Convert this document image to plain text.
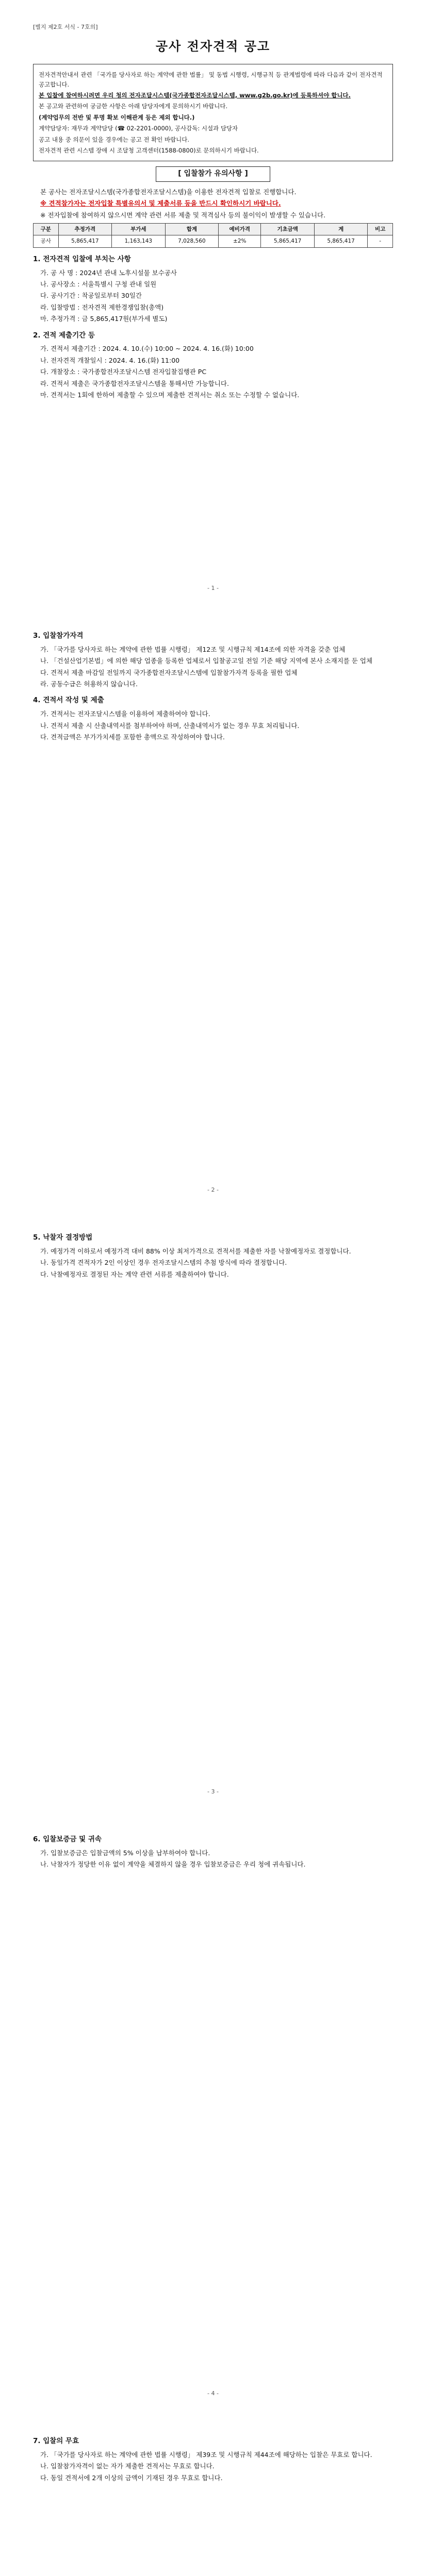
[별지 제2호 서식 - 7호의]
공사 전자견적 공고

전자견적안내서 관련 「국가를 당사자로 하는 계약에 관한 법률」 및 동법 시행령, 시행규칙 등 관계법령에 따라 다음과 같이 전자견적 공고합니다.

본 입찰에 참여하시려면 우리 청의 전자조달시스템(국가종합전자조달시스템, www.g2b.go.kr)에 등록하셔야 합니다.

본 공고와 관련하여 궁금한 사항은 아래 담당자에게 문의하시기 바랍니다.

(계약업무의 전반 및 투명 확보 이해관계 등은 제외 합니다.)

계약담당자: 재무과 계약담당 (☎ 02-2201-0000), 공사감독: 시설과 담당자

공고 내용 중 의문이 있을 경우에는 공고 전 확인 바랍니다.

전자견적 관련 시스템 장애 시 조달청 고객센터(1588-0800)로 문의하시기 바랍니다.

[ 입찰참가 유의사항 ]
본 공사는 전자조달시스템(국가종합전자조달시스템)을 이용한 전자견적 입찰로 진행합니다.
※ 견적참가자는 전자입찰 특별유의서 및 제출서류 등을 반드시 확인하시기 바랍니다.
※ 전자입찰에 참여하지 않으시면 계약 관련 서류 제출 및 적격심사 등의 불이익이 발생할 수 있습니다.
구분	추정가격	부가세	합계	예비가격	기초금액	계	비고
공사	5,865,417	1,163,143	7,028,560	±2%	5,865,417	5,865,417	-
1. 전자견적 입찰에 부치는 사항
가. 공 사 명 : 2024년 관내 노후시설물 보수공사
나. 공사장소 : 서울특별시 구청 관내 일원
다. 공사기간 : 착공일로부터 30일간
라. 입찰방법 : 전자견적 제한경쟁입찰(총액)
마. 추정가격 : 금 5,865,417원(부가세 별도)
2. 견적 제출기간 등
가. 견적서 제출기간 : 2024. 4. 10.(수) 10:00 ~ 2024. 4. 16.(화) 10:00
나. 전자견적 개찰일시 : 2024. 4. 16.(화) 11:00
다. 개찰장소 : 국가종합전자조달시스템 전자입찰집행관 PC
라. 견적서 제출은 국가종합전자조달시스템을 통해서만 가능합니다.
마. 견적서는 1회에 한하여 제출할 수 있으며 제출한 견적서는 취소 또는 수정할 수 없습니다.
- 1 -
3. 입찰참가자격
가. 「국가를 당사자로 하는 계약에 관한 법률 시행령」 제12조 및 시행규칙 제14조에 의한 자격을 갖춘 업체
나. 「건설산업기본법」에 의한 해당 업종을 등록한 업체로서 입찰공고일 전일 기준 해당 지역에 본사 소재지를 둔 업체
다. 견적서 제출 마감일 전일까지 국가종합전자조달시스템에 입찰참가자격 등록을 필한 업체
라. 공동수급은 허용하지 않습니다.
4. 견적서 작성 및 제출
가. 견적서는 전자조달시스템을 이용하여 제출하여야 합니다.
나. 견적서 제출 시 산출내역서를 첨부하여야 하며, 산출내역서가 없는 경우 무효 처리됩니다.
다. 견적금액은 부가가치세를 포함한 총액으로 작성하여야 합니다.
- 2 -
5. 낙찰자 결정방법
가. 예정가격 이하로서 예정가격 대비 88% 이상 최저가격으로 견적서를 제출한 자를 낙찰예정자로 결정합니다.
나. 동일가격 견적자가 2인 이상인 경우 전자조달시스템의 추첨 방식에 따라 결정합니다.
다. 낙찰예정자로 결정된 자는 계약 관련 서류를 제출하여야 합니다.
- 3 -
6. 입찰보증금 및 귀속
가. 입찰보증금은 입찰금액의 5% 이상을 납부하여야 합니다.
나. 낙찰자가 정당한 이유 없이 계약을 체결하지 않을 경우 입찰보증금은 우리 청에 귀속됩니다.
- 4 -
7. 입찰의 무효
가. 「국가를 당사자로 하는 계약에 관한 법률 시행령」 제39조 및 시행규칙 제44조에 해당하는 입찰은 무효로 합니다.
나. 입찰참가자격이 없는 자가 제출한 견적서는 무효로 합니다.
다. 동일 견적서에 2개 이상의 금액이 기재된 경우 무효로 합니다.
